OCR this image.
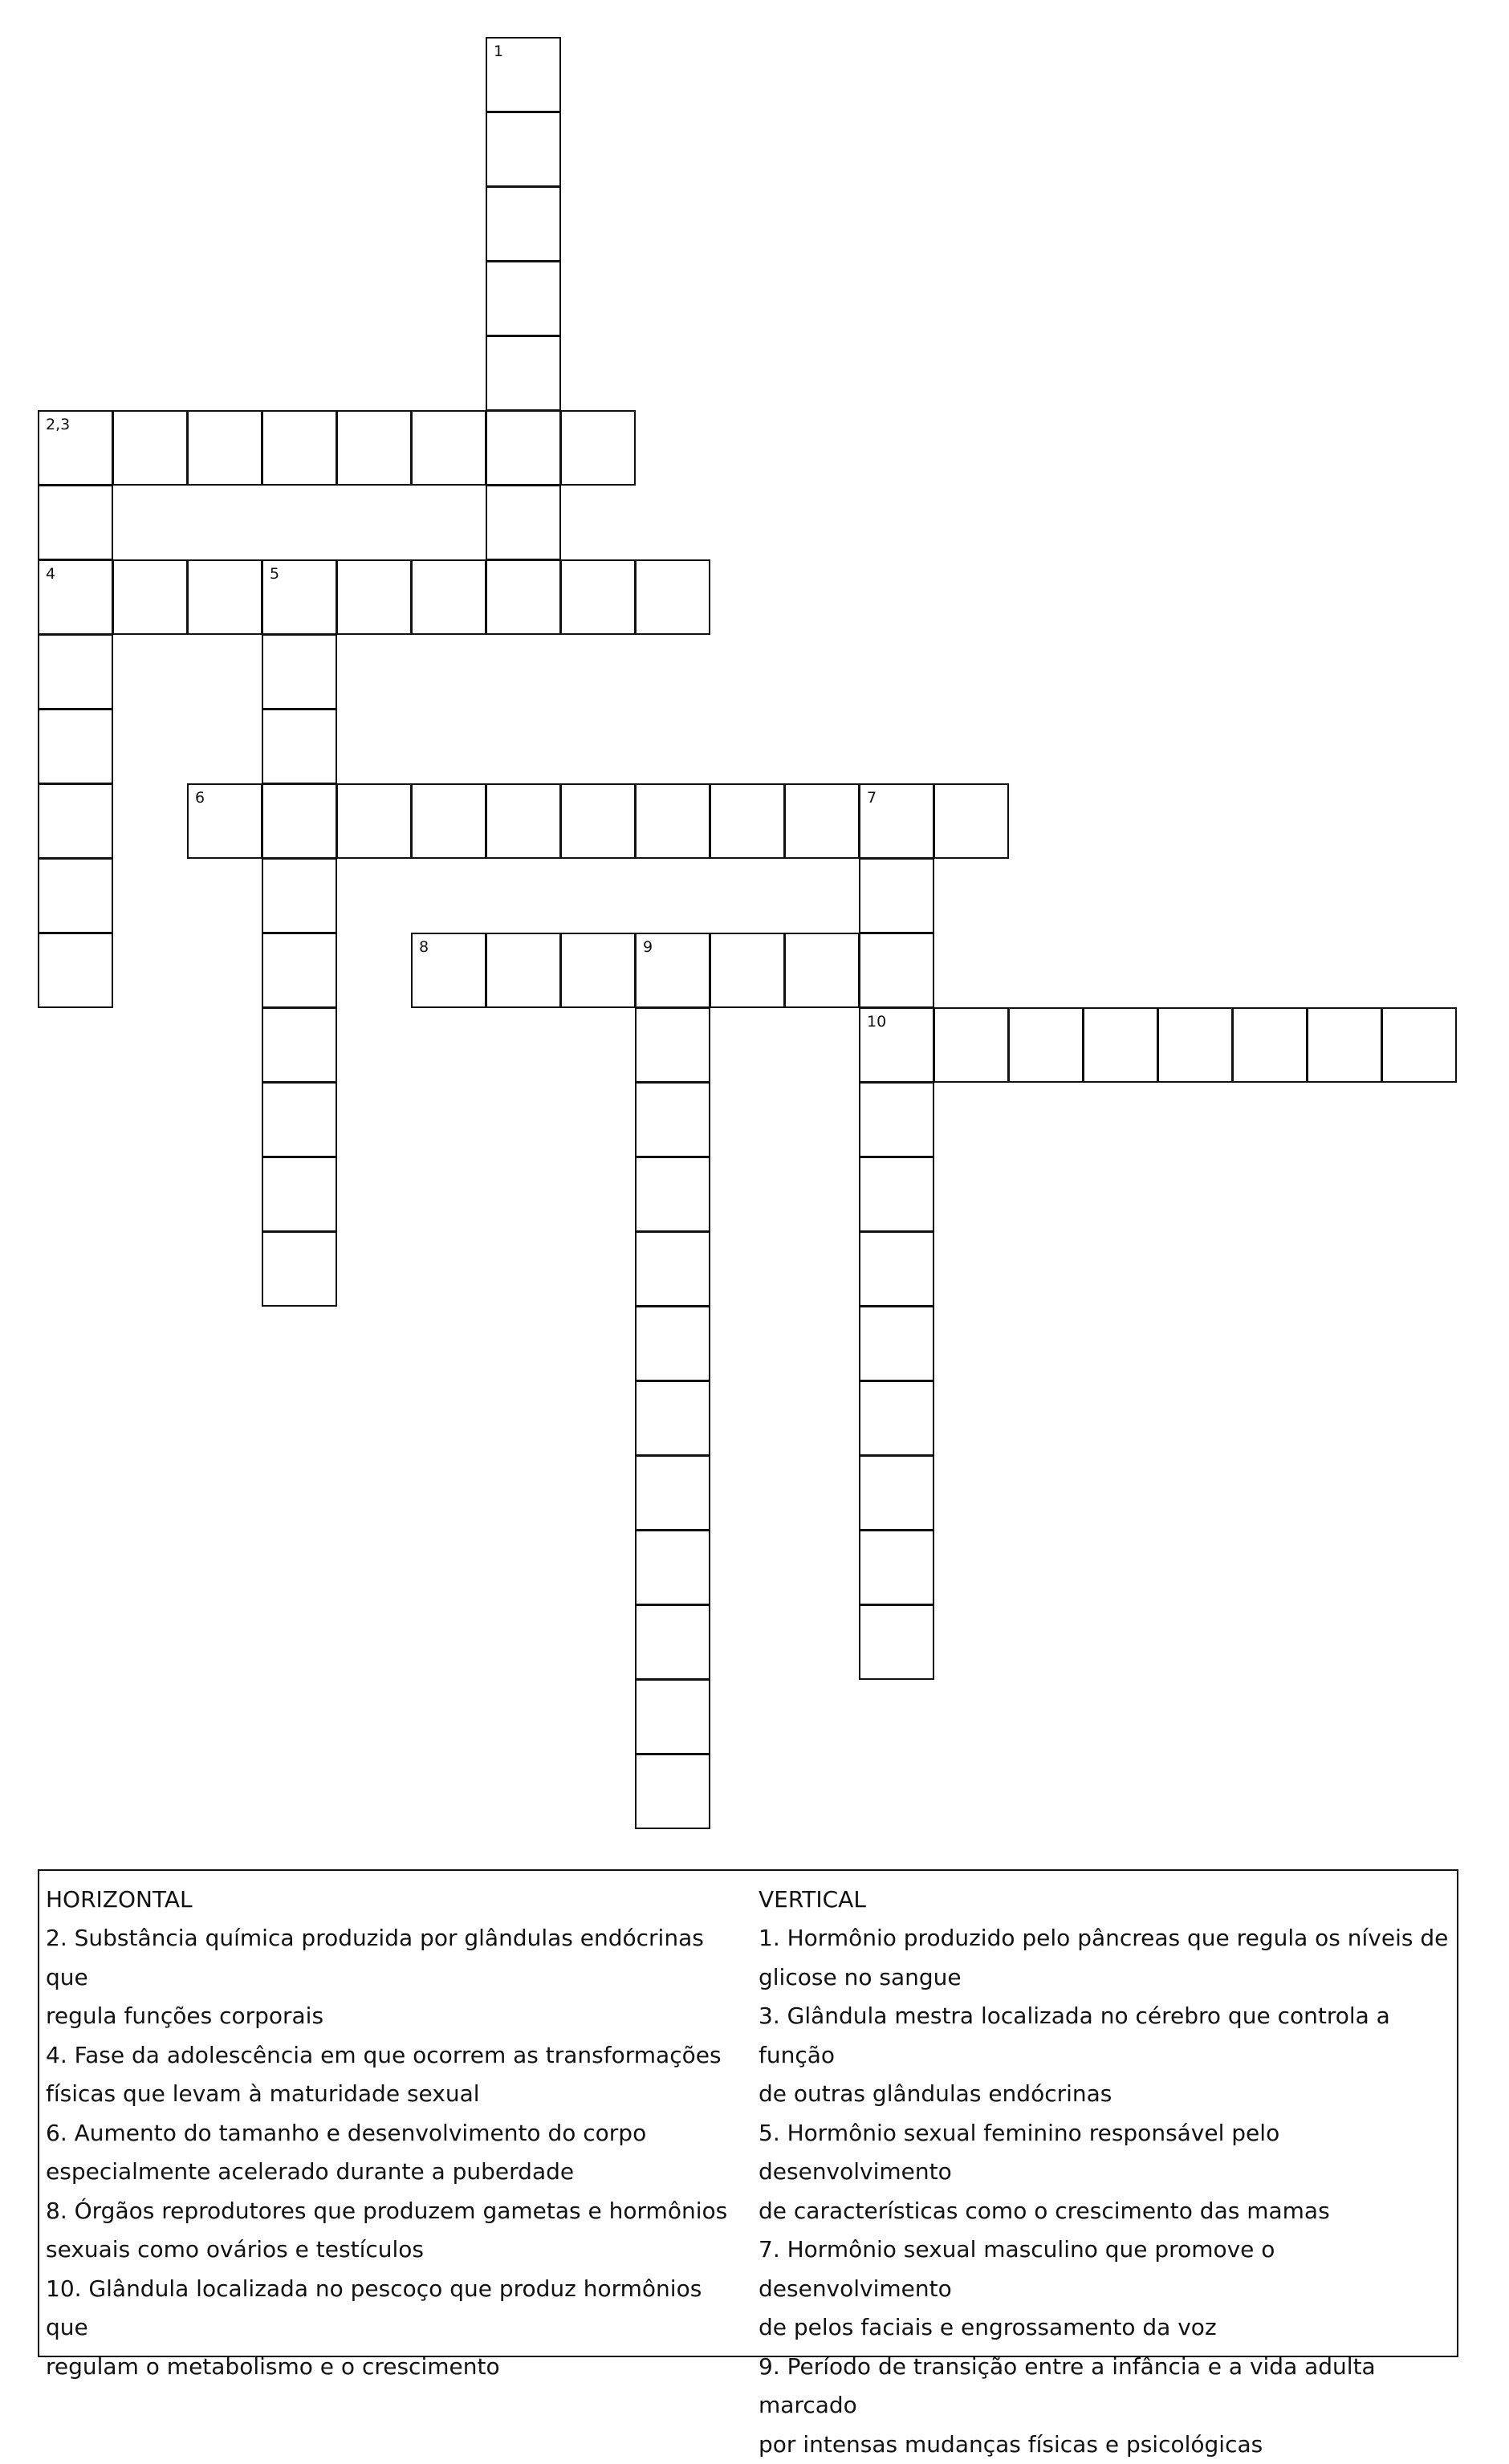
1
2,3
4	5
6	7
8	9
10
HORIZONTAL
2. Substância química produzida por glândulas endócrinas que
regula funções corporais
4. Fase da adolescência em que ocorrem as transformações
físicas que levam à maturidade sexual
6. Aumento do tamanho e desenvolvimento do corpo
especialmente acelerado durante a puberdade
8. Órgãos reprodutores que produzem gametas e hormônios
sexuais como ovários e testículos
10. Glândula localizada no pescoço que produz hormônios que
regulam o metabolismo e o crescimento
VERTICAL
1. Hormônio produzido pelo pâncreas que regula os níveis de
glicose no sangue
3. Glândula mestra localizada no cérebro que controla a função
de outras glândulas endócrinas
5. Hormônio sexual feminino responsável pelo desenvolvimento
de características como o crescimento das mamas
7. Hormônio sexual masculino que promove o desenvolvimento
de pelos faciais e engrossamento da voz
9. Período de transição entre a infância e a vida adulta marcado
por intensas mudanças físicas e psicológicas
